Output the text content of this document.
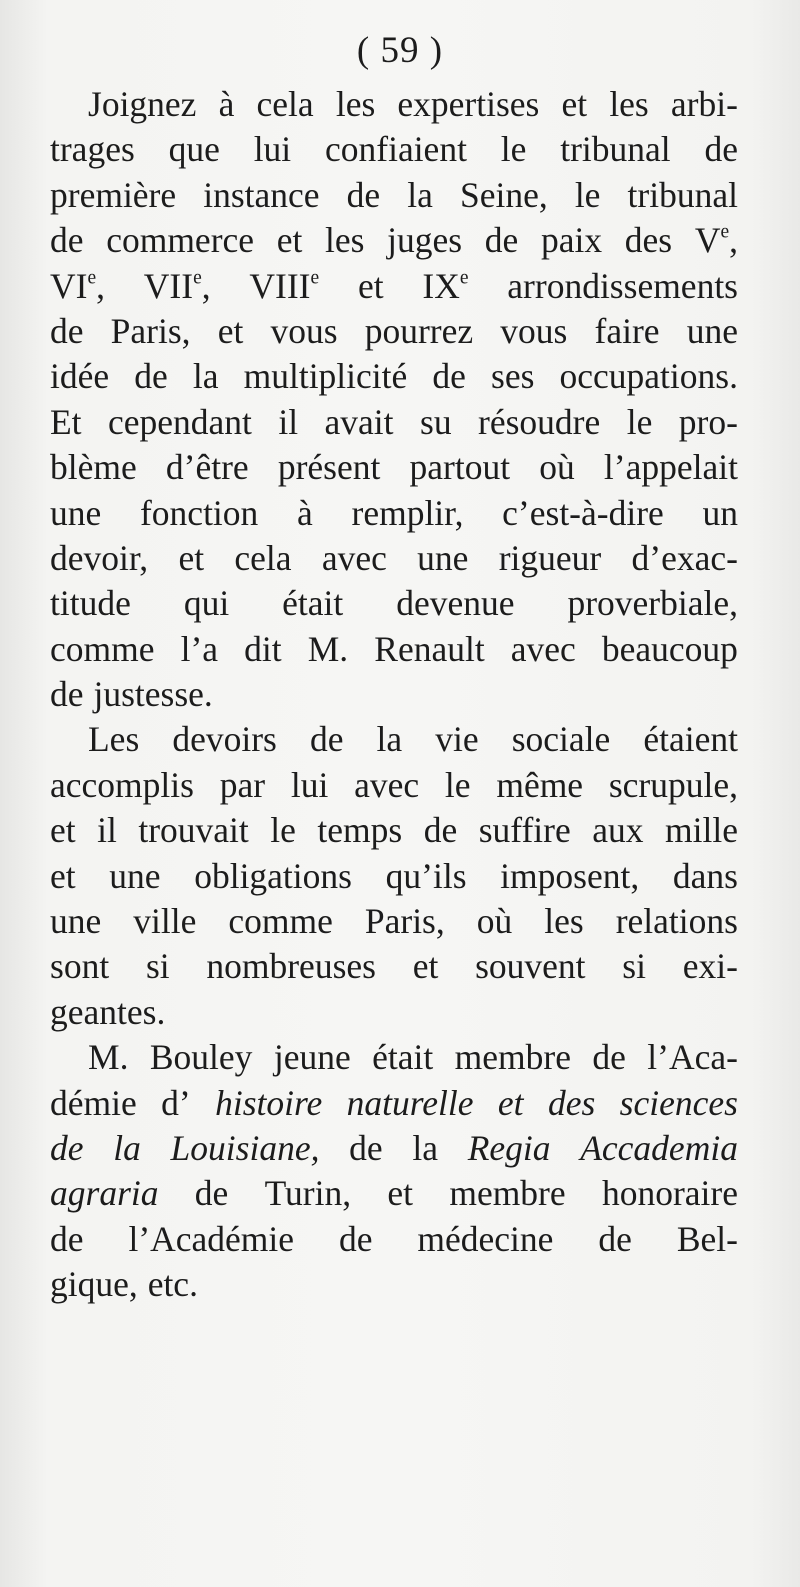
( 59 )
Joignez à cela les expertises et les arbi-
trages que lui confiaient le tribunal de
première instance de la Seine, le tribunal
de commerce et les juges de paix des Ve,
VIe, VIIe, VIIIe et IXe arrondissements
de Paris, et vous pourrez vous faire une
idée de la multiplicité de ses occupations.
Et cependant il avait su résoudre le pro-
blème d’être présent partout où l’appelait
une fonction à remplir, c’est-à-dire un
devoir, et cela avec une rigueur d’exac-
titude qui était devenue proverbiale,
comme l’a dit M. Renault avec beaucoup
de justesse.
Les devoirs de la vie sociale étaient
accomplis par lui avec le même scrupule,
et il trouvait le temps de suffire aux mille
et une obligations qu’ils imposent, dans
une ville comme Paris, où les relations
sont si nombreuses et souvent si exi-
geantes.
M. Bouley jeune était membre de l’Aca-
démie d’ histoire naturelle et des sciences
de la Louisiane, de la Regia Accademia
agraria de Turin, et membre honoraire
de l’Académie de médecine de Bel-
gique, etc.
